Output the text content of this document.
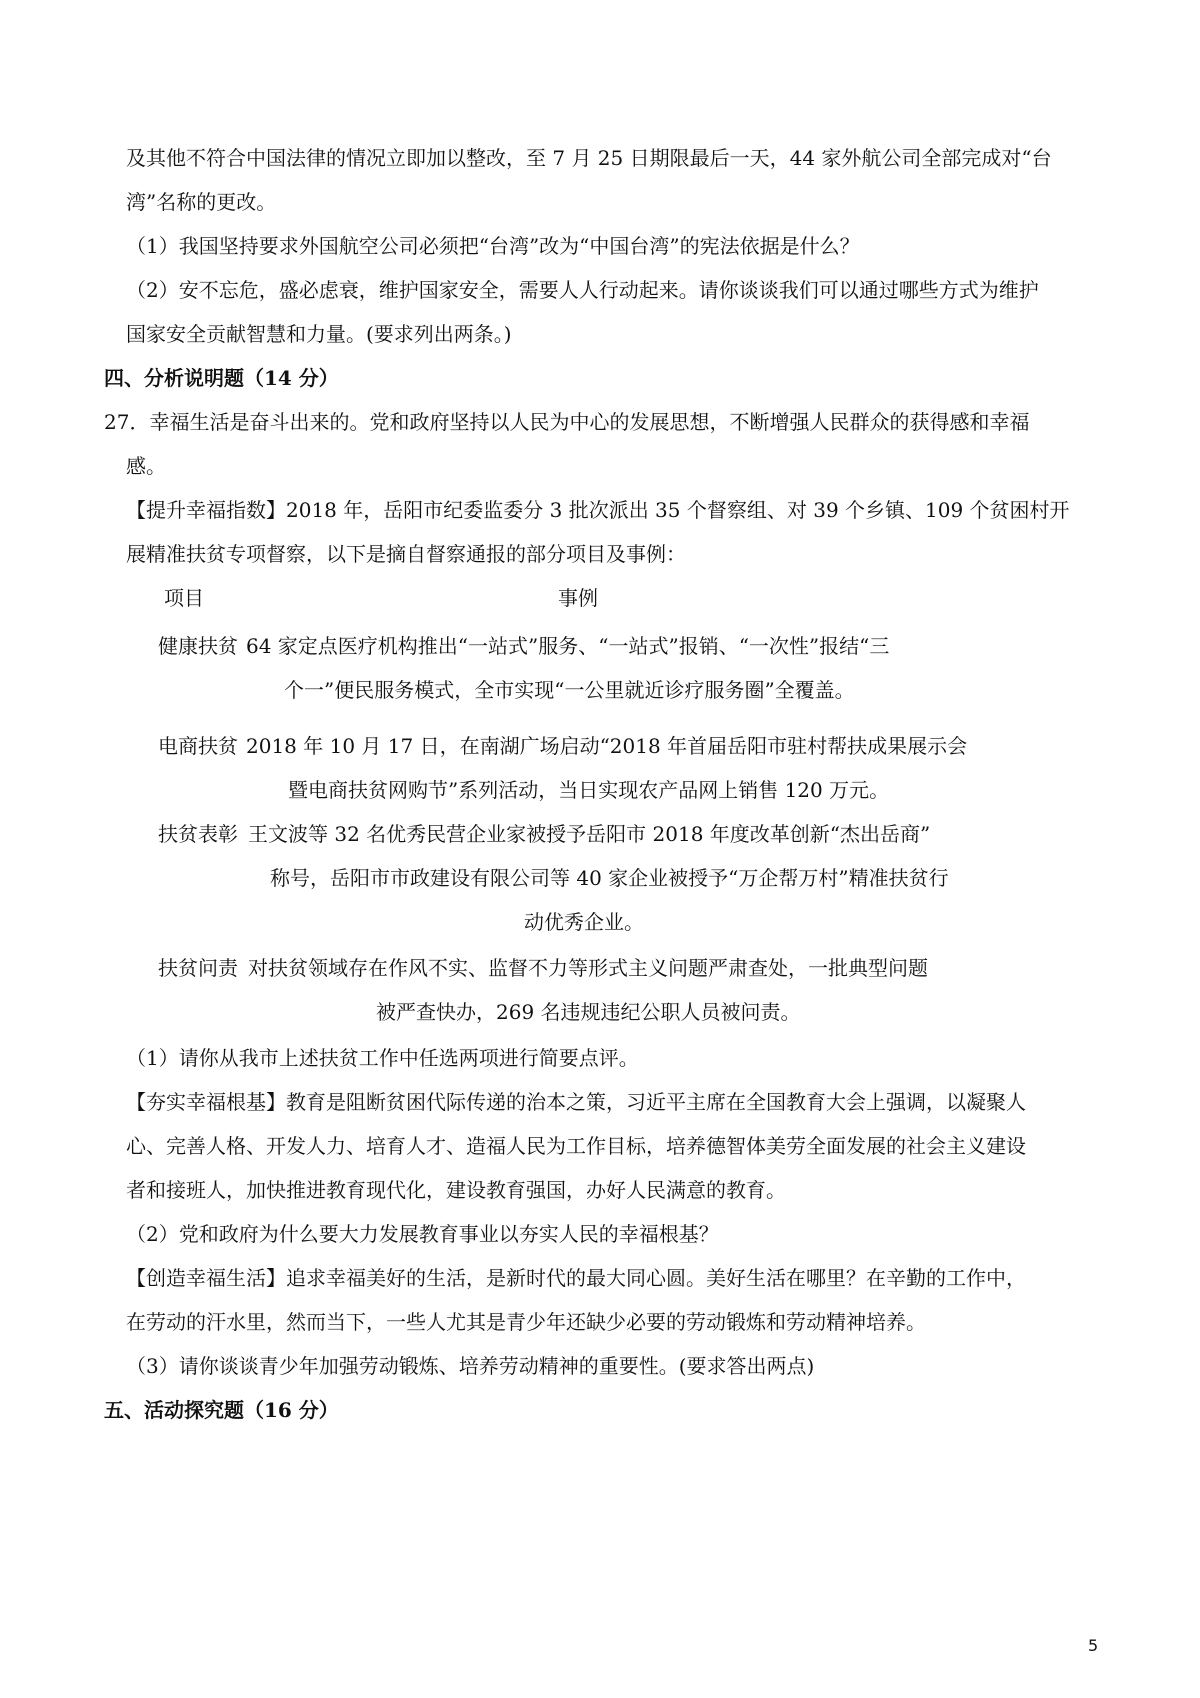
及其他不符合中国法律的情况立即加以整改，至 7 月 25 日期限最后一天，44 家外航公司全部完成对“台
湾”名称的更改。
（1）我国坚持要求外国航空公司必须把“台湾”改为“中国台湾”的宪法依据是什么？
（2）安不忘危，盛必虑衰，维护国家安全，需要人人行动起来。请你谈谈我们可以通过哪些方式为维护
国家安全贡献智慧和力量。(要求列出两条。)
四、分析说明题（14 分）
27．幸福生活是奋斗出来的。党和政府坚持以人民为中心的发展思想，不断增强人民群众的获得感和幸福
感。
【提升幸福指数】2018 年，岳阳市纪委监委分 3 批次派出 35 个督察组、对 39 个乡镇、109 个贫困村开
展精准扶贫专项督察，以下是摘自督察通报的部分项目及事例：
项目	事例
健康扶贫 64 家定点医疗机构推出“一站式”服务、“一站式”报销、“一次性”报结“三
个一”便民服务模式，全市实现“一公里就近诊疗服务圈”全覆盖。
电商扶贫 2018 年 10 月 17 日，在南湖广场启动“2018 年首届岳阳市驻村帮扶成果展示会
暨电商扶贫网购节”系列活动，当日实现农产品网上销售 120 万元。
扶贫表彰 王文波等 32 名优秀民营企业家被授予岳阳市 2018 年度改革创新“杰出岳商”
称号，岳阳市市政建设有限公司等 40 家企业被授予“万企帮万村”精准扶贫行
动优秀企业。
扶贫问责 对扶贫领域存在作风不实、监督不力等形式主义问题严肃查处，一批典型问题
被严查快办，269 名违规违纪公职人员被问责。
（1）请你从我市上述扶贫工作中任选两项进行简要点评。
【夯实幸福根基】教育是阻断贫困代际传递的治本之策，习近平主席在全国教育大会上强调，以凝聚人
心、完善人格、开发人力、培育人才、造福人民为工作目标，培养德智体美劳全面发展的社会主义建设
者和接班人，加快推进教育现代化，建设教育强国，办好人民满意的教育。
（2）党和政府为什么要大力发展教育事业以夯实人民的幸福根基？
【创造幸福生活】追求幸福美好的生活，是新时代的最大同心圆。美好生活在哪里？在辛勤的工作中，
在劳动的汗水里，然而当下，一些人尤其是青少年还缺少必要的劳动锻炼和劳动精神培养。
（3）请你谈谈青少年加强劳动锻炼、培养劳动精神的重要性。(要求答出两点)
五、活动探究题（16 分）
5
